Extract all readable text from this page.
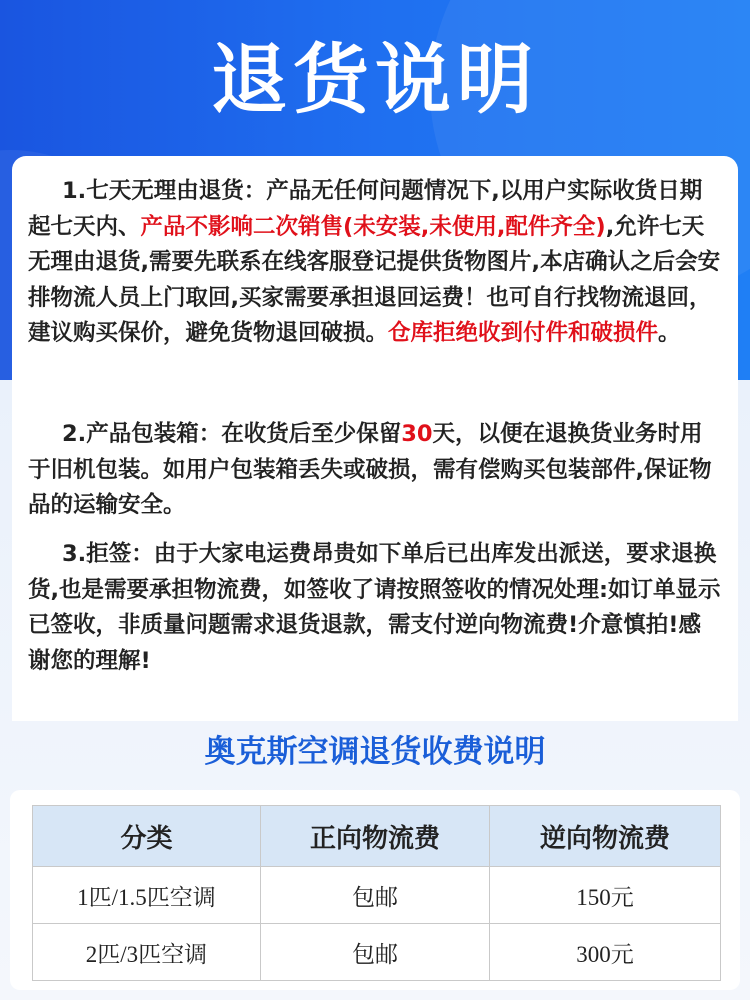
退货说明
1.七天无理由退货：产品无任何问题情况下,以用户实际收货日期起七天内、产品不影响二次销售(未安装,未使用,配件齐全),允许七天无理由退货,需要先联系在线客服登记提供货物图片,本店确认之后会安排物流人员上门取回,买家需要承担退回运费！也可自行找物流退回，建议购买保价，避免货物退回破损。仓库拒绝收到付件和破损件。
2.产品包装箱：在收货后至少保留30天，以便在退换货业务时用于旧机包装。如用户包装箱丢失或破损，需有偿购买包装部件,保证物品的运输安全。
3.拒签：由于大家电运费昂贵如下单后已出库发出派送，要求退换货,也是需要承担物流费，如签收了请按照签收的情况处理:如订单显示已签收，非质量问题需求退货退款，需支付逆向物流费!介意慎拍!感谢您的理解!
奥克斯空调退货收费说明
分类	正向物流费	逆向物流费
1匹/1.5匹空调	包邮	150元
2匹/3匹空调	包邮	300元
